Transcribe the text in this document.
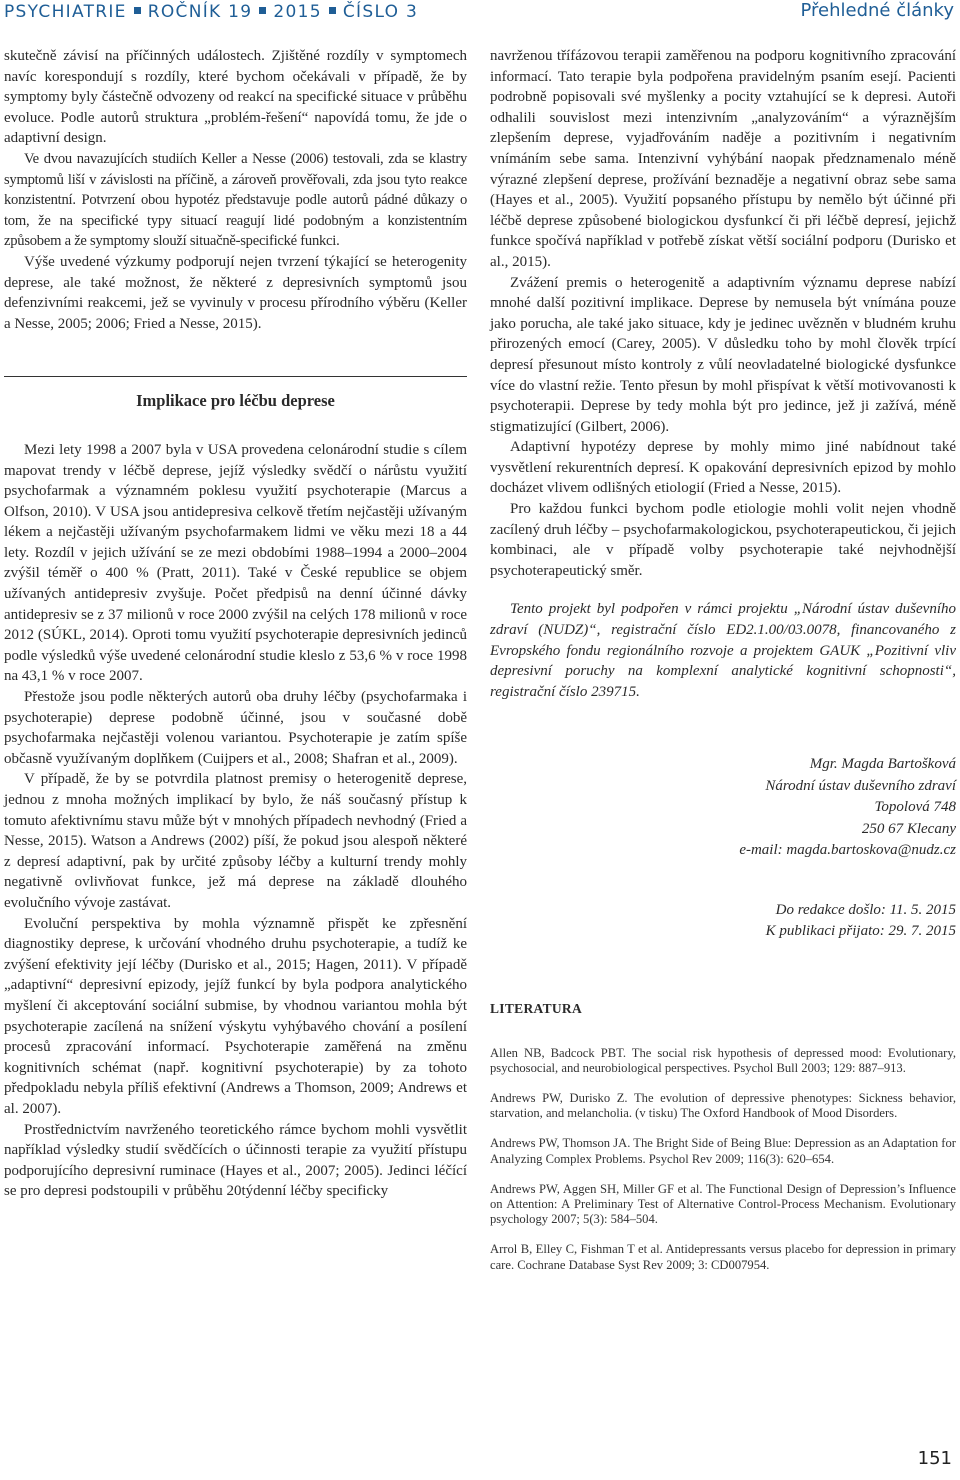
PSYCHIATRIE ROČNÍK 19 2015 ČÍSLO 3	Přehledné články

skutečně závisí na příčinných událostech. Zjištěné rozdíly v symptomech navíc korespondují s rozdíly, které bychom očekávali v případě, že by symptomy byly částečně odvozeny od reakcí na specifické situace v průběhu evoluce. Podle autorů struktura „problém-řešení“ napovídá tomu, že jde o adaptivní design.

Ve dvou navazujících studiích Keller a Nesse (2006) testovali, zda se klastry symptomů liší v závislosti na příčině, a zároveň prověřovali, zda jsou tyto reakce konzistentní. Potvrzení obou hypotéz představuje podle autorů pádné důkazy o tom, že na specifické typy situací reagují lidé podobným a konzistentním způsobem a že symptomy slouží situačně-specifické funkci.

Výše uvedené výzkumy podporují nejen tvrzení týkající se heterogenity deprese, ale také možnost, že některé z depresivních symptomů jsou defenzivními reakcemi, jež se vyvinuly v procesu přírodního výběru (Keller a Nesse, 2005; 2006; Fried a Nesse, 2015).

Implikace pro léčbu deprese

Mezi lety 1998 a 2007 byla v USA provedena celonárodní studie s cílem mapovat trendy v léčbě deprese, jejíž výsledky svědčí o nárůstu využití psychofarmak a významném poklesu využití psychoterapie (Marcus a Olfson, 2010). V USA jsou antidepresiva celkově třetím nejčastěji užívaným lékem a nejčastěji užívaným psychofarmakem lidmi ve věku mezi 18 a 44 lety. Rozdíl v jejich užívání se ze mezi obdobími 1988–1994 a 2000–2004 zvýšil téměř o 400 % (Pratt, 2011). Také v České republice se objem užívaných antidepresiv zvyšuje. Počet předpisů na denní účinné dávky antidepresiv se z 37 milionů v roce 2000 zvýšil na celých 178 milionů v roce 2012 (SÚKL, 2014). Oproti tomu využití psychoterapie depresivních jedinců podle výsledků výše uvedené celonárodní studie kleslo z 53,6 % v roce 1998 na 43,1 % v roce 2007.

Přestože jsou podle některých autorů oba druhy léčby (psychofarmaka i psychoterapie) deprese podobně účinné, jsou v současné době psychofarmaka nejčastěji volenou variantou. Psychoterapie je zatím spíše občasně využívaným doplňkem (Cuijpers et al., 2008; Shafran et al., 2009).

V případě, že by se potvrdila platnost premisy o heterogenitě deprese, jednou z mnoha možných implikací by bylo, že náš současný přístup k tomuto afektivnímu stavu může být v mnohých případech nevhodný (Fried a Nesse, 2015). Watson a Andrews (2002) píší, že pokud jsou alespoň některé z depresí adaptivní, pak by určité způsoby léčby a kulturní trendy mohly negativně ovlivňovat funkce, jež má deprese na základě dlouhého evolučního vývoje zastávat.

Evoluční perspektiva by mohla významně přispět ke zpřesnění diagnostiky deprese, k určování vhodného druhu psychoterapie, a tudíž ke zvýšení efektivity její léčby (Durisko et al., 2015; Hagen, 2011). V případě „adaptivní“ depresivní epizody, jejíž funkcí by byla podpora analytického myšlení či akceptování sociální submise, by vhodnou variantou mohla být psychoterapie zacílená na snížení výskytu vyhýbavého chování a posílení procesů zpracování informací. Psychoterapie zaměřená na změnu kognitivních schémat (např. kognitivní psychoterapie) by za tohoto předpokladu nebyla příliš efektivní (Andrews a Thomson, 2009; Andrews et al. 2007).

Prostřednictvím navrženého teoretického rámce bychom mohli vysvětlit například výsledky studií svědčících o účinnosti terapie za využití přístupu podporujícího depresivní ruminace (Hayes et al., 2007; 2005). Jedinci léčící se pro depresi podstoupili v průběhu 20týdenní léčby specificky

navrženou třífázovou terapii zaměřenou na podporu kognitivního zpracování informací. Tato terapie byla podpořena pravidelným psaním esejí. Pacienti podrobně popisovali své myšlenky a pocity vztahující se k depresi. Autoři odhalili souvislost mezi intenzivním „analyzováním“ a výraznějším zlepšením deprese, vyjadřováním naděje a pozitivním i negativním vnímáním sebe sama. Intenzivní vyhýbání naopak předznamenalo méně výrazné zlepšení deprese, prožívání beznaděje a negativní obraz sebe sama (Hayes et al., 2005). Využití popsaného přístupu by nemělo být účinné při léčbě deprese způsobené biologickou dysfunkcí či při léčbě depresí, jejichž funkce spočívá například v potřebě získat větší sociální podporu (Durisko et al., 2015).

Zvážení premis o heterogenitě a adaptivním významu deprese nabízí mnohé další pozitivní implikace. Deprese by nemusela být vnímána pouze jako porucha, ale také jako situace, kdy je jedinec uvězněn v bludném kruhu přirozených emocí (Carey, 2005). V důsledku toho by mohl člověk trpící depresí přesunout místo kontroly z vůlí neovladatelné biologické dysfunkce více do vlastní režie. Tento přesun by mohl přispívat k větší motivovanosti k psychoterapii. Deprese by tedy mohla být pro jedince, jež ji zažívá, méně stigmatizující (Gilbert, 2006).

Adaptivní hypotézy deprese by mohly mimo jiné nabídnout také vysvětlení rekurentních depresí. K opakování depresivních epizod by mohlo docházet vlivem odlišných etiologií (Fried a Nesse, 2015).

Pro každou funkci bychom podle etiologie mohli volit nejen vhodně zacílený druh léčby – psychofarmakologickou, psychoterapeutickou, či jejich kombinaci, ale v případě volby psychoterapie také nejvhodnější psychoterapeutický směr.

Tento projekt byl podpořen v rámci projektu „Národní ústav duševního zdraví (NUDZ)“, registrační číslo ED2.1.00/03.0078, financovaného z Evropského fondu regionálního rozvoje a projektem GAUK „Pozitivní vliv depresivní poruchy na komplexní analytické kognitivní schopnosti“, registrační číslo 239715.

Mgr. Magda Bartošková
Národní ústav duševního zdraví
Topolová 748
250 67 Klecany
e-mail: magda.bartoskova@nudz.cz
Do redakce došlo: 11. 5. 2015
K publikaci přijato: 29. 7. 2015
LITERATURA
Allen NB, Badcock PBT. The social risk hypothesis of depressed mood: Evolutionary, psychosocial, and neurobiological perspectives. Psychol Bull 2003; 129: 887–913.
Andrews PW, Durisko Z. The evolution of depressive phenotypes: Sickness behavior, starvation, and melancholia. (v tisku) The Oxford Handbook of Mood Disorders.
Andrews PW, Thomson JA. The Bright Side of Being Blue: Depression as an Adaptation for Analyzing Complex Problems. Psychol Rev 2009; 116(3): 620–654.
Andrews PW, Aggen SH, Miller GF et al. The Functional Design of Depression’s Influence on Attention: A Preliminary Test of Alternative Control-Process Mechanism. Evolutionary psychology 2007; 5(3): 584–504.
Arrol B, Elley C, Fishman T et al. Antidepressants versus placebo for depression in primary care. Cochrane Database Syst Rev 2009; 3: CD007954.
151
